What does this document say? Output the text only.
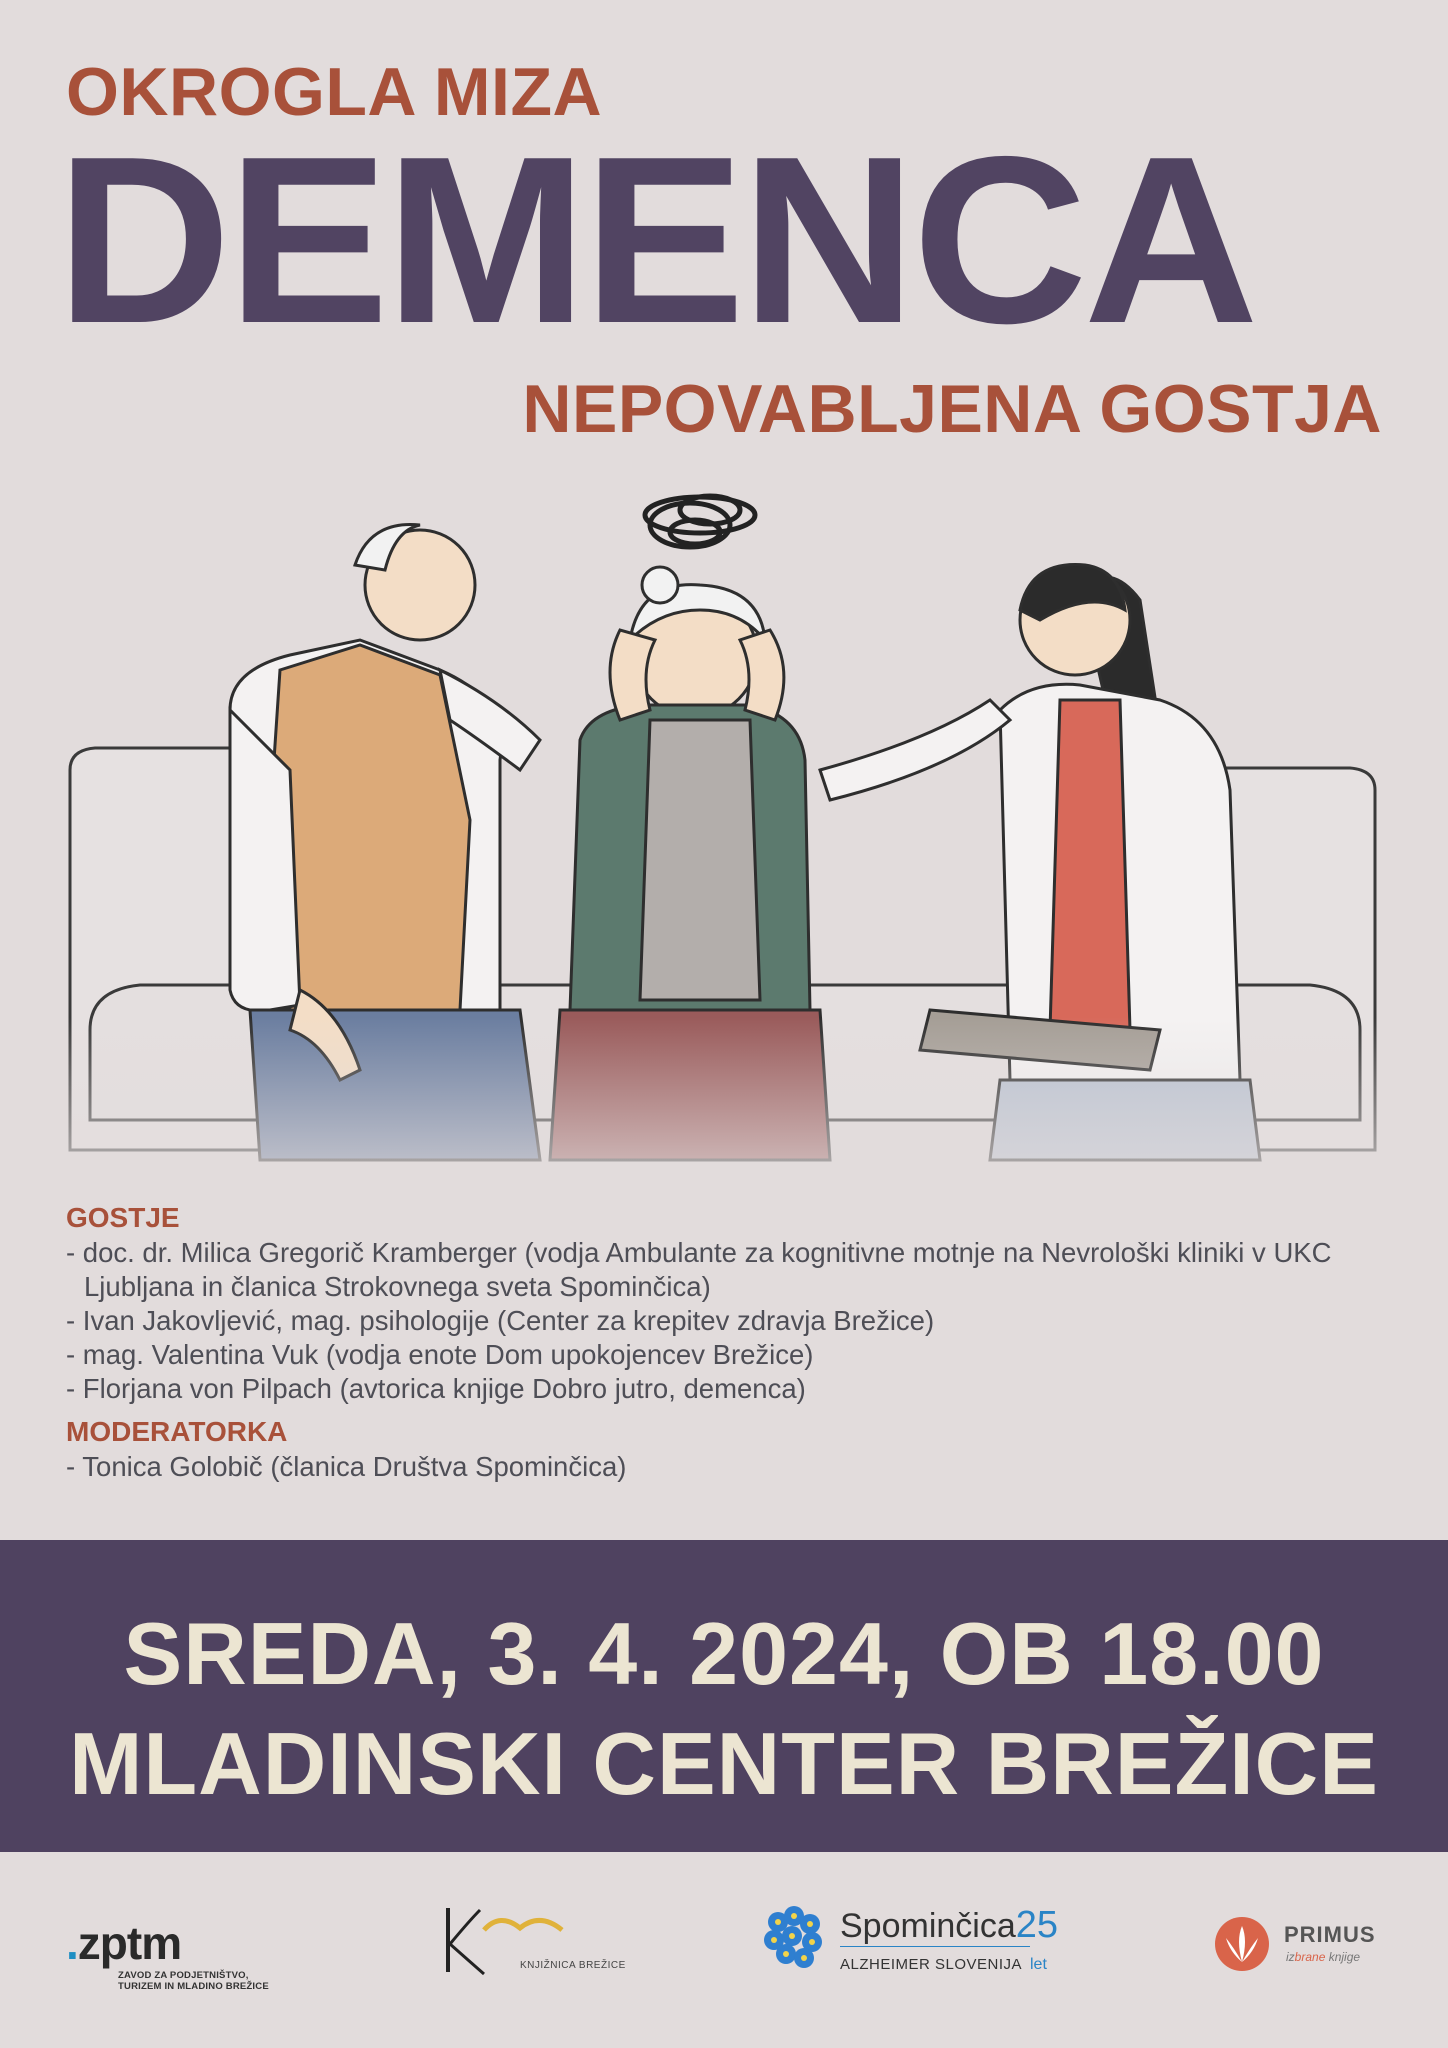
OKROGLA MIZA
DEMENCA
NEPOVABLJENA GOSTJA

GOSTJE

- doc. dr. Milica Gregorič Kramberger (vodja Ambulante za kognitivne motnje na Nevrološki kliniki v UKC Ljubljana in članica Strokovnega sveta Spominčica)
- Ivan Jakovljević, mag. psihologije (Center za krepitev zdravja Brežice)
- mag. Valentina Vuk (vodja enote Dom upokojencev Brežice)
- Florjana von Pilpach (avtorica knjige Dobro jutro, demenca)

MODERATORKA

- Tonica Golobič (članica Društva Spominčica)

SREDA, 3. 4. 2024, OB 18.00

MLADINSKI CENTER BREŽICE

.zptm
ZAVOD ZA PODJETNIŠTVO,
TURIZEM IN MLADINO BREŽICE
KNJIŽNICA BREŽICE
Spominčica25
ALZHEIMER SLOVENIJA let
PRIMUS
izbrane knjige
